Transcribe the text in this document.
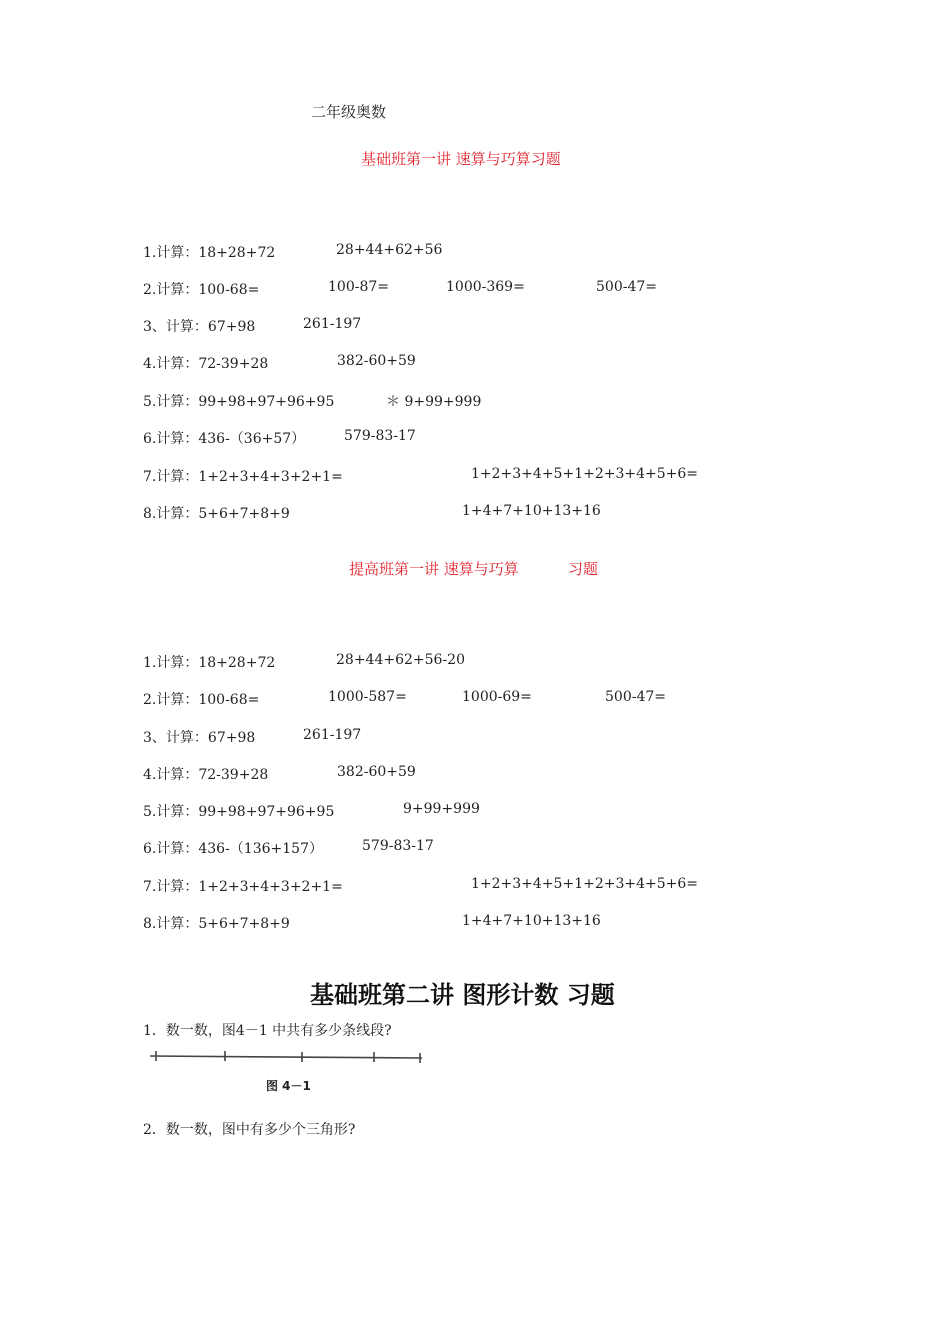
二年级奥数
基础班第一讲 速算与巧算习题
1.计算：18+28+72	28+44+62+56
2.计算：100-68=	100-87=	1000-369=	500-47=
3、计算：67+98	261-197
4.计算：72-39+28	382-60+59
5.计算：99+98+97+96+95	＊ 9+99+999
6.计算：436-（36+57）	579-83-17
7.计算：1+2+3+4+3+2+1=	1+2+3+4+5+1+2+3+4+5+6=
8.计算：5+6+7+8+9	1+4+7+10+13+16
提高班第一讲 速算与巧算	习题
1.计算：18+28+72	28+44+62+56-20
2.计算：100-68=	1000-587=	1000-69=	500-47=
3、计算：67+98	261-197
4.计算：72-39+28	382-60+59
5.计算：99+98+97+96+95	9+99+999
6.计算：436-（136+157）	579-83-17
7.计算：1+2+3+4+3+2+1=	1+2+3+4+5+1+2+3+4+5+6=
8.计算：5+6+7+8+9	1+4+7+10+13+16
基础班第二讲 图形计数 习题
1．数一数，图4－1 中共有多少条线段?
图 4－1
2．数一数，图中有多少个三角形?
